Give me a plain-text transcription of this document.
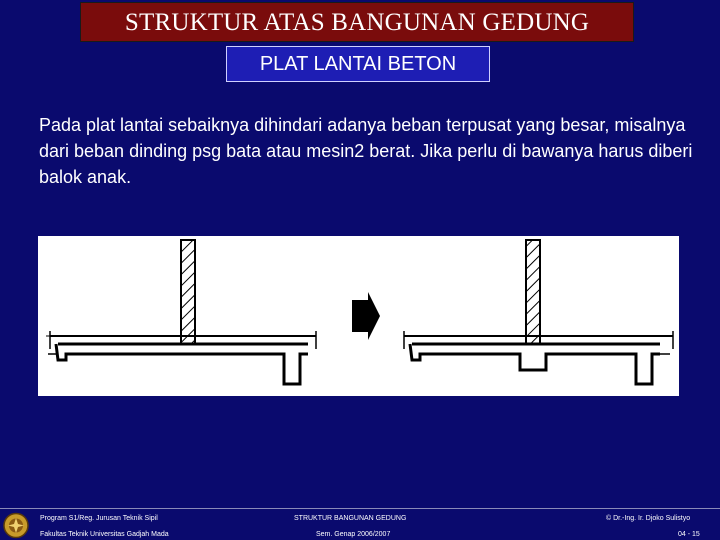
STRUKTUR ATAS BANGUNAN GEDUNG
PLAT LANTAI BETON
Pada plat lantai sebaiknya dihindari adanya beban terpusat yang besar, misalnya dari beban dinding psg bata atau mesin2 berat. Jika perlu di bawanya harus diberi balok anak.
Program S1/Reg. Jurusan Teknik Sipil
Fakultas Teknik Universitas Gadjah Mada
STRUKTUR BANGUNAN GEDUNG
Sem. Genap 2006/2007
© Dr.-Ing. Ir. Djoko Sulistyo
04 - 15
